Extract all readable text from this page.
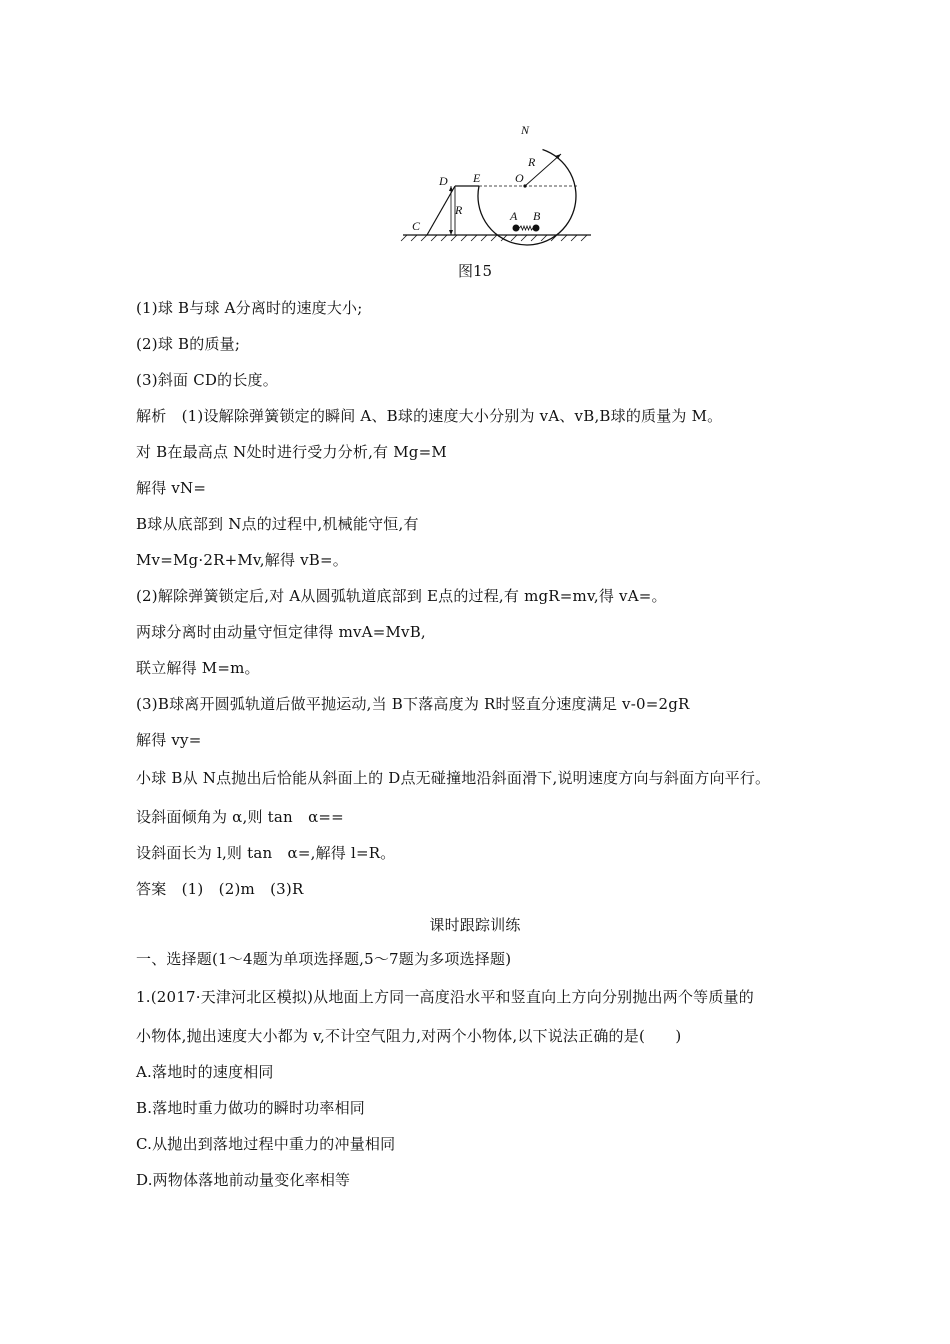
N
R
O
D E
R
C
A B
图15
(1)球 B与球 A分离时的速度大小;
(2)球 B的质量;
(3)斜面 CD的长度。
解析　(1)设解除弹簧锁定的瞬间 A、B球的速度大小分别为 vA、vB,B球的质量为 M。
对 B在最高点 N处时进行受力分析,有 Mg=M
解得 vN=
B球从底部到 N点的过程中,机械能守恒,有
Mv=Mg·2R+Mv,解得 vB=。
(2)解除弹簧锁定后,对 A从圆弧轨道底部到 E点的过程,有 mgR=mv,得 vA=。
两球分离时由动量守恒定律得 mvA=MvB,
联立解得 M=m。
(3)B球离开圆弧轨道后做平抛运动,当 B下落高度为 R时竖直分速度满足 v-0=2gR
解得 vy=
小球 B从 N点抛出后恰能从斜面上的 D点无碰撞地沿斜面滑下,说明速度方向与斜面方向平行。
设斜面倾角为 α,则 tan　α==
设斜面长为 l,则 tan　α=,解得 l=R。
答案　(1)　(2)m　(3)R
课时跟踪训练
一、选择题(1～4题为单项选择题,5～7题为多项选择题)
1.(2017·天津河北区模拟)从地面上方同一高度沿水平和竖直向上方向分别抛出两个等质量的
小物体,抛出速度大小都为 v,不计空气阻力,对两个小物体,以下说法正确的是(　　)
A.落地时的速度相同
B.落地时重力做功的瞬时功率相同
C.从抛出到落地过程中重力的冲量相同
D.两物体落地前动量变化率相等
